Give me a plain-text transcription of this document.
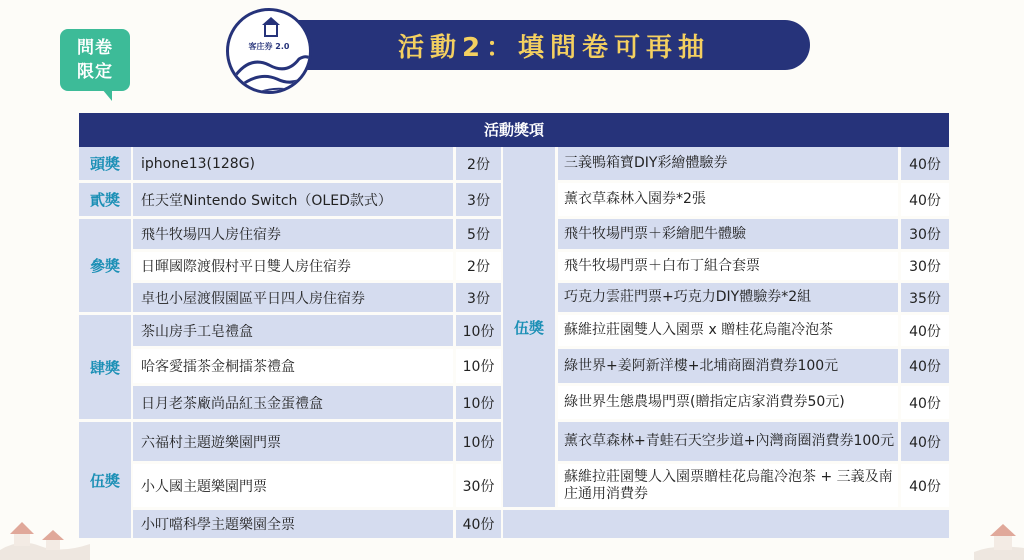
問卷
限定
活動2：填問卷可再抽
客庄券 2.0
活動獎項
iphone13(128G)	2份
頭獎
任天堂Nintendo Switch（OLED款式）	3份
貳獎
飛牛牧場四人房住宿券	5份
日暉國際渡假村平日雙人房住宿券	2份
卓也小屋渡假園區平日四人房住宿券	3份
參獎
茶山房手工皂禮盒	10份
哈客愛擂茶金桐擂茶禮盒	10份
日月老茶廠尚品紅玉金蛋禮盒	10份
肆獎
六福村主題遊樂園門票	10份
小人國主題樂園門票	30份
小叮噹科學主題樂園全票	40份
伍獎
三義鴨箱寶DIY彩繪體驗券	40份
薰衣草森林入園券*2張	40份
飛牛牧場門票＋彩繪肥牛體驗	30份
飛牛牧場門票＋白布丁組合套票	30份
巧克力雲莊門票+巧克力DIY體驗券*2組	35份
蘇維拉莊園雙人入園票 x 贈桂花烏龍冷泡茶	40份
綠世界+姜阿新洋樓+北埔商圈消費券100元	40份
綠世界生態農場門票(贈指定店家消費券50元)	40份
薰衣草森林+青蛙石天空步道+內灣商圈消費券100元	40份
蘇維拉莊園雙人入園票贈桂花烏龍冷泡茶 + 三義及南庄通用消費券	40份
伍獎
